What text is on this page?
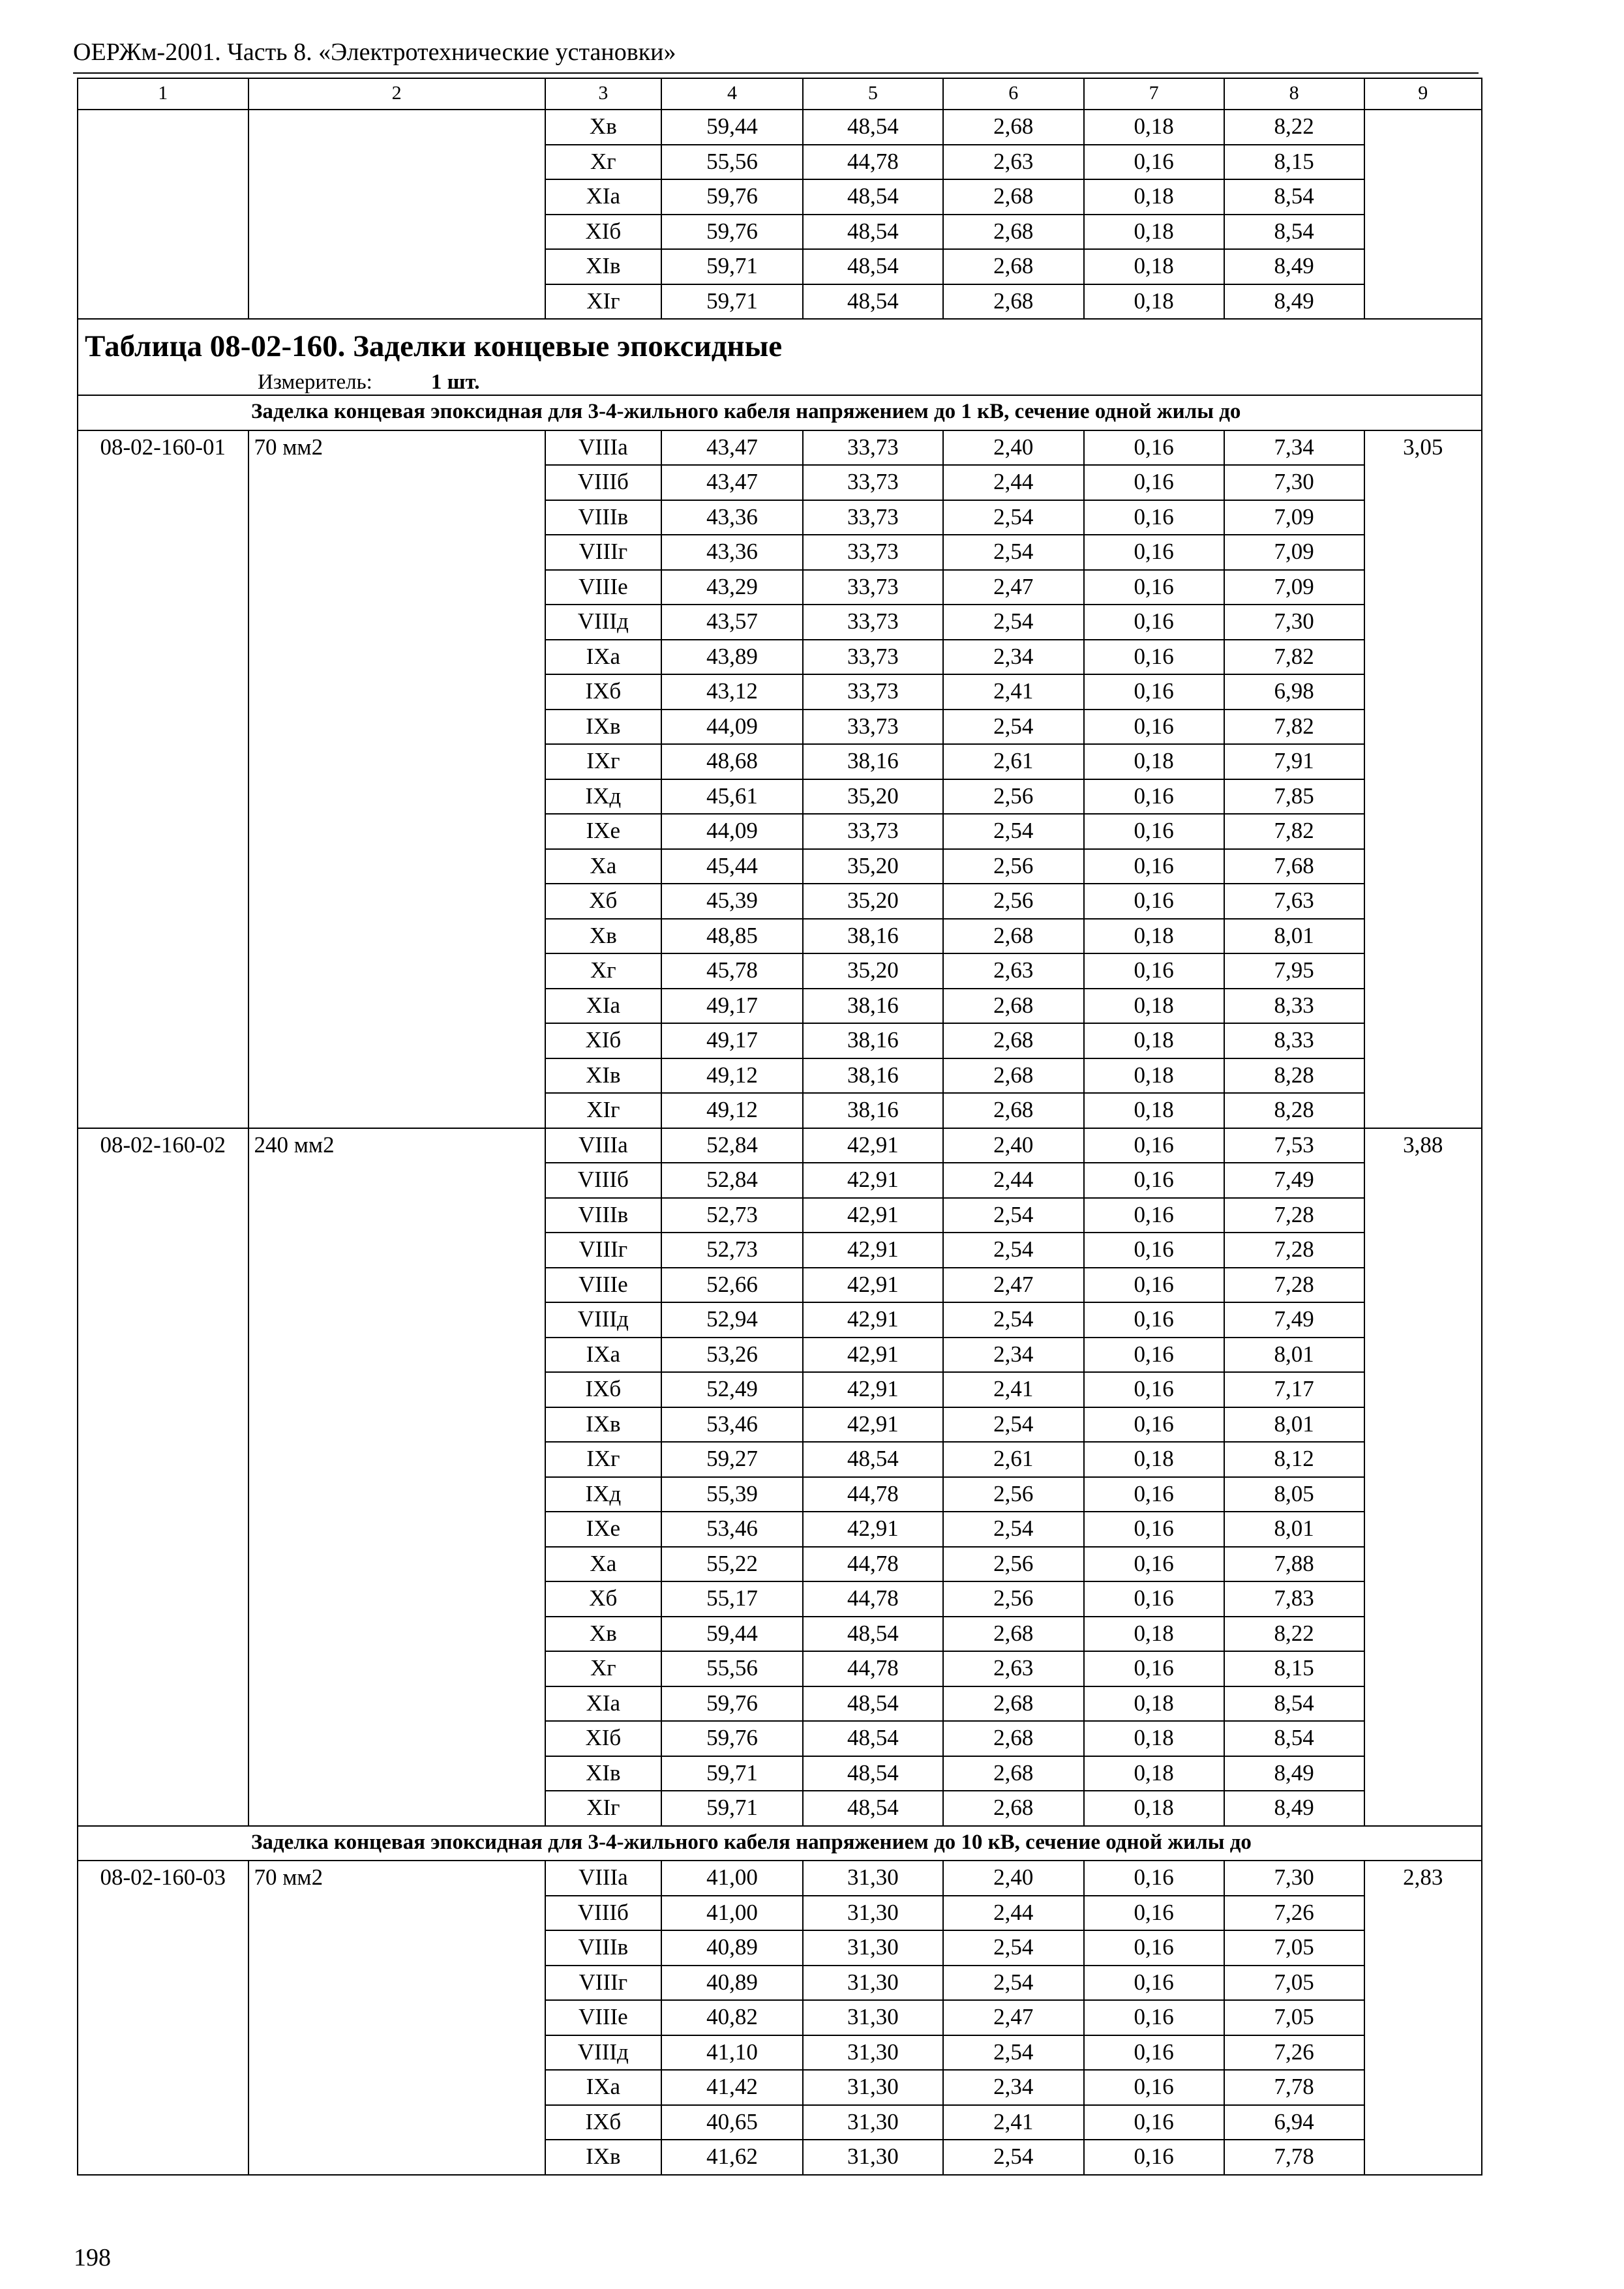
ОЕРЖм-2001. Часть 8. «Электротехнические установки»
1	2	3	4	5	6	7	8	9
		Xв	59,44	48,54	2,68	0,18	8,22	
		Xг	55,56	44,78	2,63	0,16	8,15	
		XIа	59,76	48,54	2,68	0,18	8,54	
		XIб	59,76	48,54	2,68	0,18	8,54	
		XIв	59,71	48,54	2,68	0,18	8,49	
		XIг	59,71	48,54	2,68	0,18	8,49	

Таблица 08-02-160. Заделки концевые эпоксидные
Измеритель: 1 шт.								

Заделка концевая эпоксидная для 3-4-жильного кабеля напряжением до 1 кВ, сечение одной жилы до								
08-02-160-01	70 мм2	VIIIа	43,47	33,73	2,40	0,16	7,34	3,05
		VIIIб	43,47	33,73	2,44	0,16	7,30	
		VIIIв	43,36	33,73	2,54	0,16	7,09	
		VIIIг	43,36	33,73	2,54	0,16	7,09	
		VIIIе	43,29	33,73	2,47	0,16	7,09	
		VIIIд	43,57	33,73	2,54	0,16	7,30	
		IXа	43,89	33,73	2,34	0,16	7,82	
		IXб	43,12	33,73	2,41	0,16	6,98	
		IXв	44,09	33,73	2,54	0,16	7,82	
		IXг	48,68	38,16	2,61	0,18	7,91	
		IXд	45,61	35,20	2,56	0,16	7,85	
		IXе	44,09	33,73	2,54	0,16	7,82	
		Xа	45,44	35,20	2,56	0,16	7,68	
		Xб	45,39	35,20	2,56	0,16	7,63	
		Xв	48,85	38,16	2,68	0,18	8,01	
		Xг	45,78	35,20	2,63	0,16	7,95	
		XIа	49,17	38,16	2,68	0,18	8,33	
		XIб	49,17	38,16	2,68	0,18	8,33	
		XIв	49,12	38,16	2,68	0,18	8,28	
		XIг	49,12	38,16	2,68	0,18	8,28	
08-02-160-02	240 мм2	VIIIа	52,84	42,91	2,40	0,16	7,53	3,88
		VIIIб	52,84	42,91	2,44	0,16	7,49	
		VIIIв	52,73	42,91	2,54	0,16	7,28	
		VIIIг	52,73	42,91	2,54	0,16	7,28	
		VIIIе	52,66	42,91	2,47	0,16	7,28	
		VIIIд	52,94	42,91	2,54	0,16	7,49	
		IXа	53,26	42,91	2,34	0,16	8,01	
		IXб	52,49	42,91	2,41	0,16	7,17	
		IXв	53,46	42,91	2,54	0,16	8,01	
		IXг	59,27	48,54	2,61	0,18	8,12	
		IXд	55,39	44,78	2,56	0,16	8,05	
		IXе	53,46	42,91	2,54	0,16	8,01	
		Xа	55,22	44,78	2,56	0,16	7,88	
		Xб	55,17	44,78	2,56	0,16	7,83	
		Xв	59,44	48,54	2,68	0,18	8,22	
		Xг	55,56	44,78	2,63	0,16	8,15	
		XIа	59,76	48,54	2,68	0,18	8,54	
		XIб	59,76	48,54	2,68	0,18	8,54	
		XIв	59,71	48,54	2,68	0,18	8,49	
		XIг	59,71	48,54	2,68	0,18	8,49	
Заделка концевая эпоксидная для 3-4-жильного кабеля напряжением до 10 кВ, сечение одной жилы до								
08-02-160-03	70 мм2	VIIIа	41,00	31,30	2,40	0,16	7,30	2,83
		VIIIб	41,00	31,30	2,44	0,16	7,26	
		VIIIв	40,89	31,30	2,54	0,16	7,05	
		VIIIг	40,89	31,30	2,54	0,16	7,05	
		VIIIе	40,82	31,30	2,47	0,16	7,05	
		VIIIд	41,10	31,30	2,54	0,16	7,26	
		IXа	41,42	31,30	2,34	0,16	7,78	
		IXб	40,65	31,30	2,41	0,16	6,94	
		IXв	41,62	31,30	2,54	0,16	7,78	
198
